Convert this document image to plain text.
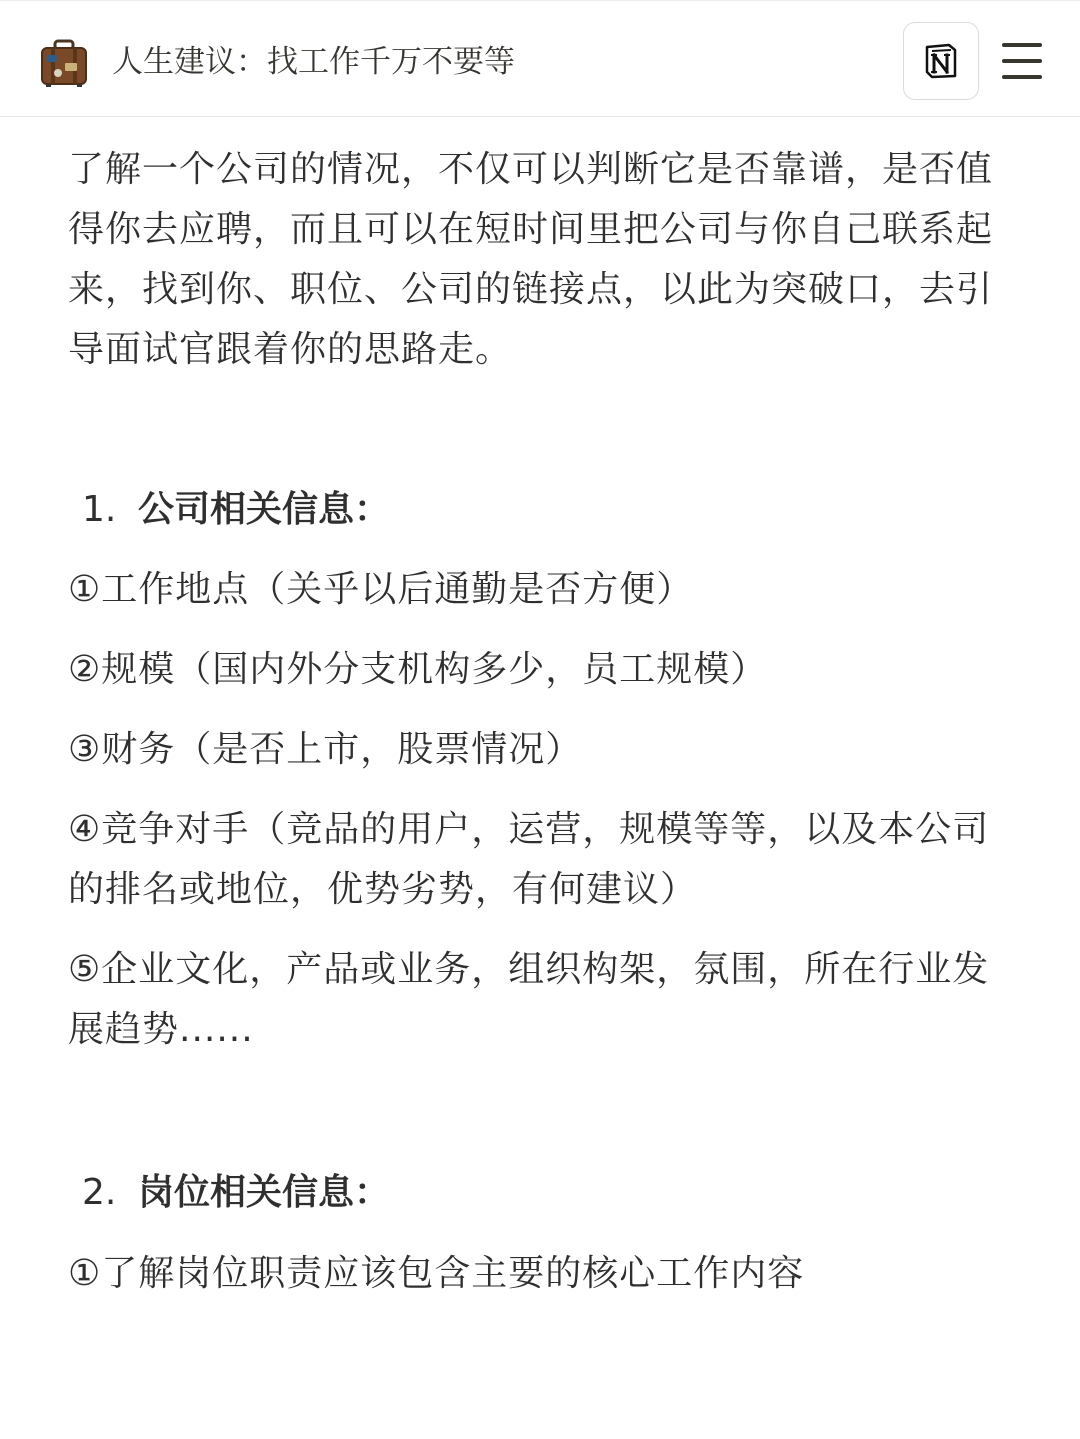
人生建议：找工作千万不要等

了解一个公司的情况，不仅可以判断它是否靠谱，是否值得你去应聘，而且可以在短时间里把公司与你自己联系起来，找到你、职位、公司的链接点，以此为突破口，去引导面试官跟着你的思路走。

1. 公司相关信息：

①工作地点（关乎以后通勤是否方便）

②规模（国内外分支机构多少，员工规模）

③财务（是否上市，股票情况）

④竞争对手（竞品的用户，运营，规模等等，以及本公司的排名或地位，优势劣势，有何建议）

⑤企业文化，产品或业务，组织构架，氛围，所在行业发展趋势......

2. 岗位相关信息：

①了解岗位职责应该包含主要的核心工作内容
